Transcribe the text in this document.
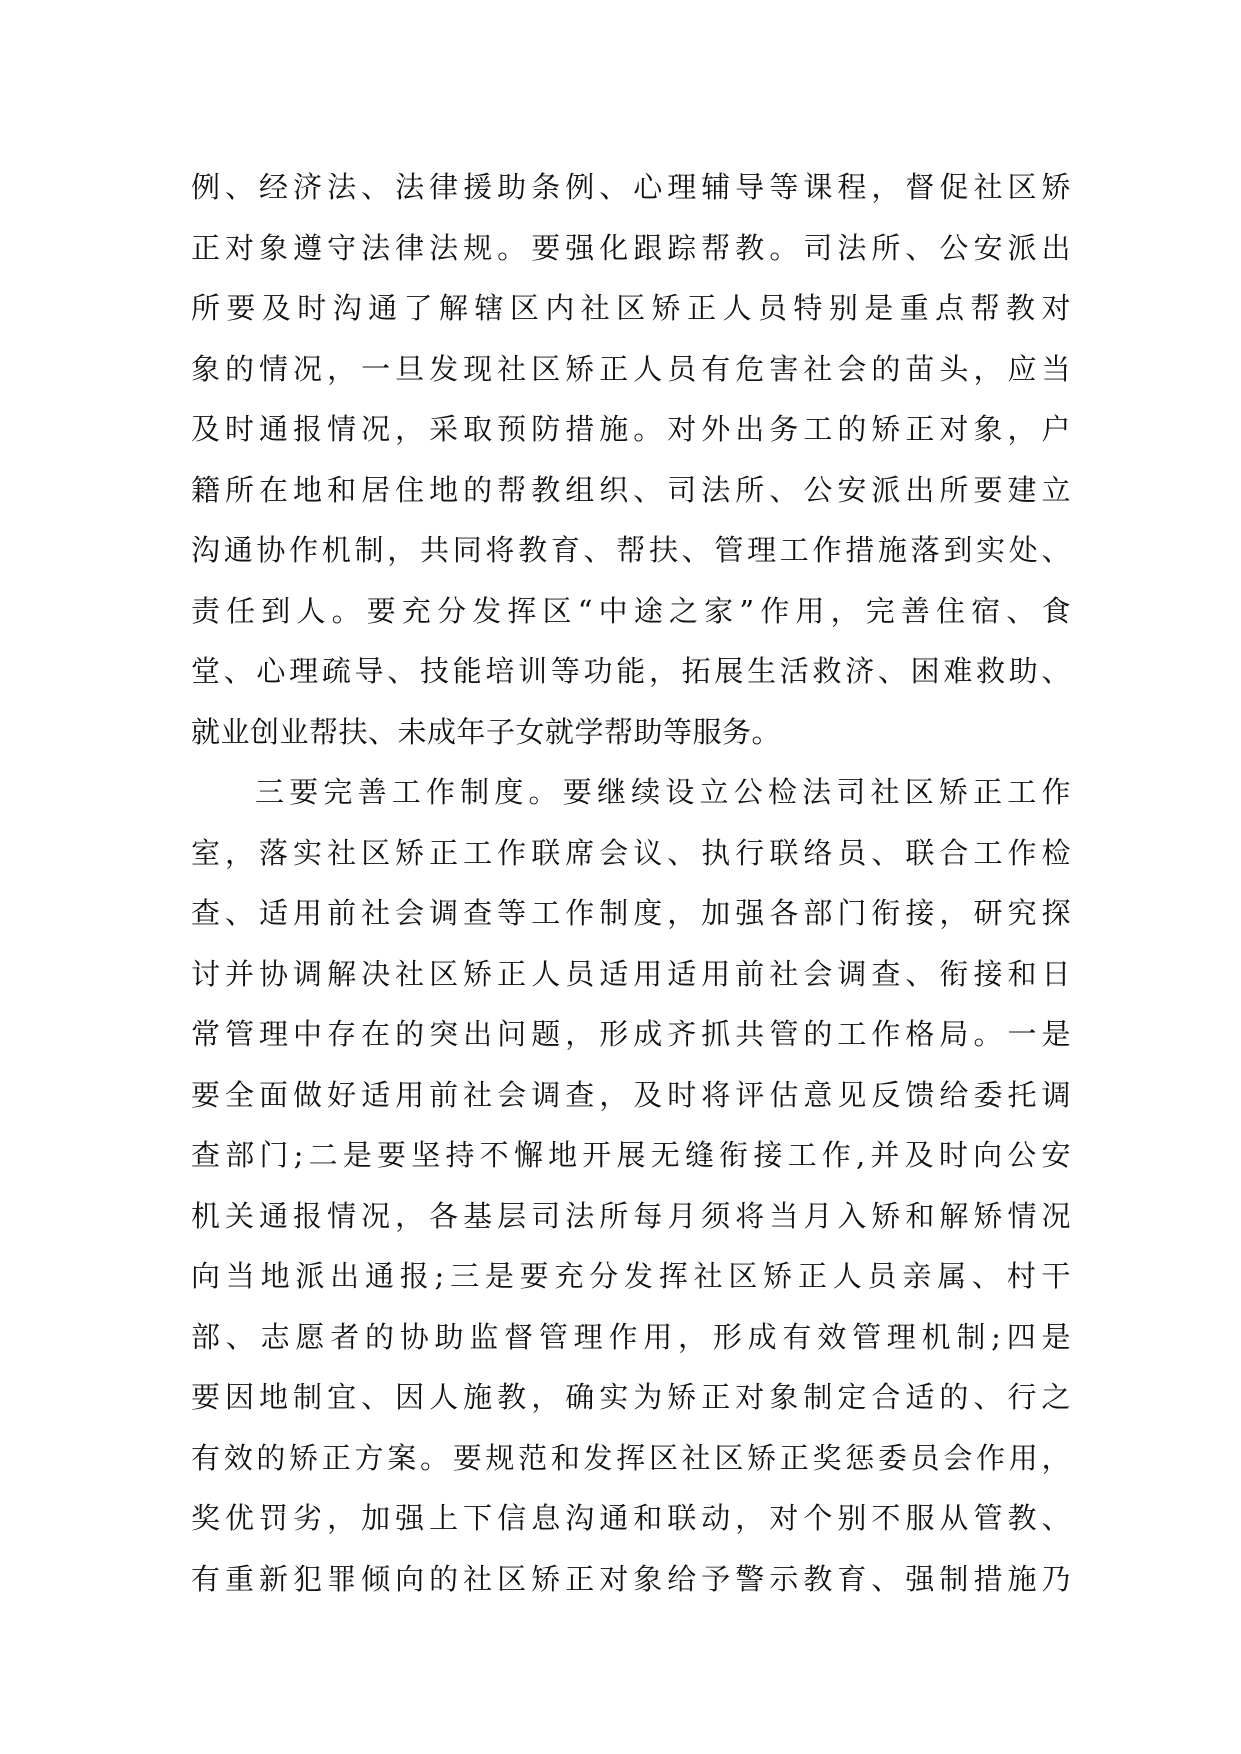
例、经济法、法律援助条例、心理辅导等课程，督促社区矫
正对象遵守法律法规。要强化跟踪帮教。司法所、公安派出
所要及时沟通了解辖区内社区矫正人员特别是重点帮教对
象的情况，一旦发现社区矫正人员有危害社会的苗头，应当
及时通报情况，采取预防措施。对外出务工的矫正对象，户
籍所在地和居住地的帮教组织、司法所、公安派出所要建立
沟通协作机制，共同将教育、帮扶、管理工作措施落到实处、
责任到人。要充分发挥区“中途之家”作用，完善住宿、食
堂、心理疏导、技能培训等功能，拓展生活救济、困难救助、
就业创业帮扶、未成年子女就学帮助等服务。
三要完善工作制度。要继续设立公检法司社区矫正工作
室，落实社区矫正工作联席会议、执行联络员、联合工作检
查、适用前社会调查等工作制度，加强各部门衔接，研究探
讨并协调解决社区矫正人员适用适用前社会调查、衔接和日
常管理中存在的突出问题，形成齐抓共管的工作格局。一是
要全面做好适用前社会调查，及时将评估意见反馈给委托调
查部门;二是要坚持不懈地开展无缝衔接工作,并及时向公安
机关通报情况，各基层司法所每月须将当月入矫和解矫情况
向当地派出通报;三是要充分发挥社区矫正人员亲属、村干
部、志愿者的协助监督管理作用，形成有效管理机制;四是
要因地制宜、因人施教，确实为矫正对象制定合适的、行之
有效的矫正方案。要规范和发挥区社区矫正奖惩委员会作用，
奖优罚劣，加强上下信息沟通和联动，对个别不服从管教、
有重新犯罪倾向的社区矫正对象给予警示教育、强制措施乃
